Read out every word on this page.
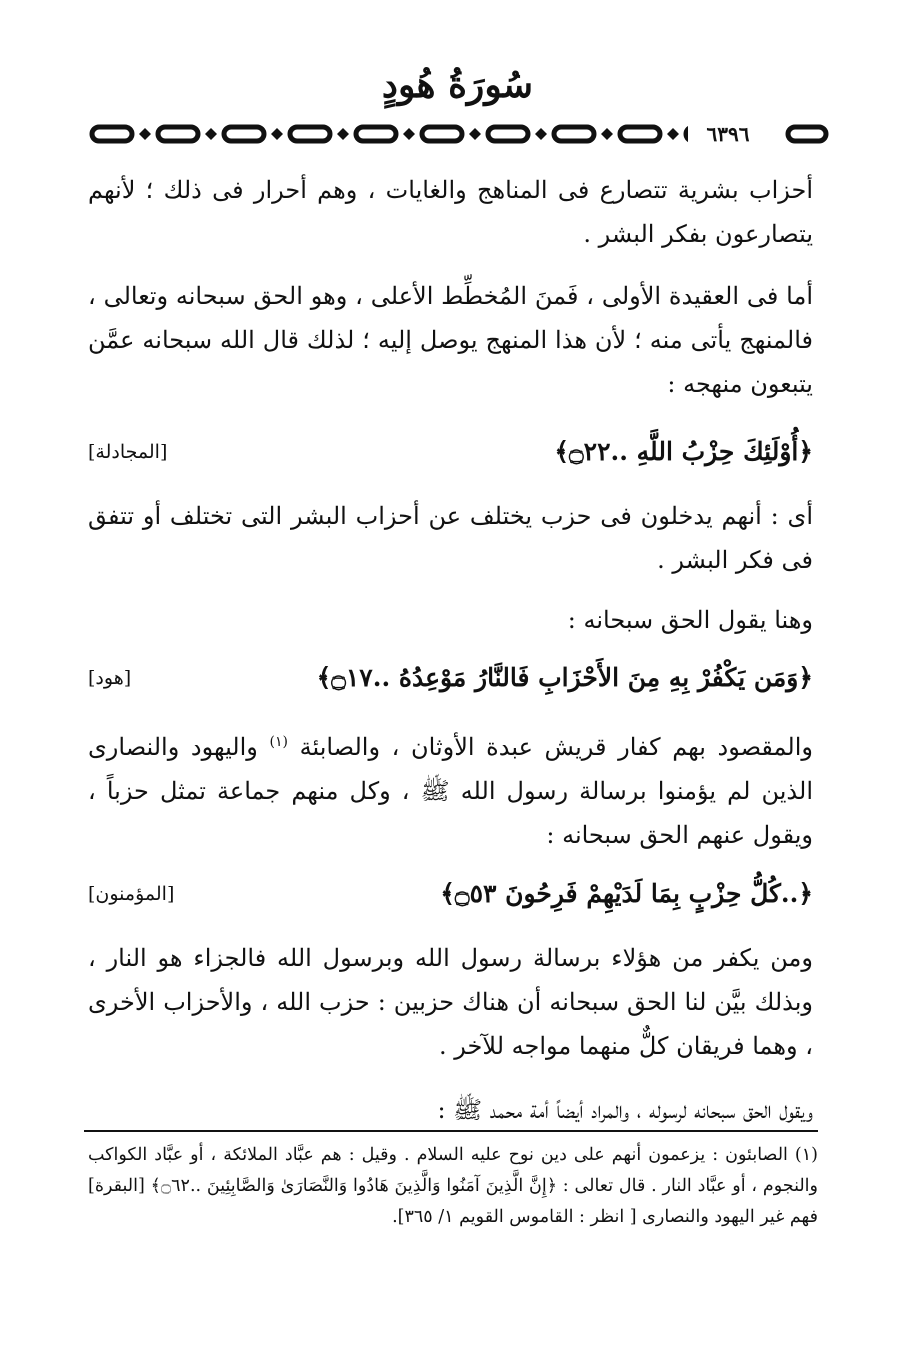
سُورَةُ هُودٍ
٦٣٩٦
أحزاب بشرية تتصارع فى المناهج والغايات ، وهم أحرار فى ذلك ؛ لأنهم يتصارعون بفكر البشر .
أما فى العقيدة الأولى ، فَمنَ المُخطِّط الأعلى ، وهو الحق سبحانه وتعالى ، فالمنهج يأتى منه ؛ لأن هذا المنهج يوصل إليه ؛ لذلك قال الله سبحانه عمَّن يتبعون منهجه :
﴿أُوْلَئِكَ حِزْبُ اللَّهِ ..۝٢٢﴾
[المجادلة]
أى : أنهم يدخلون فى حزب يختلف عن أحزاب البشر التى تختلف أو تتفق فى فكر البشر .
وهنا يقول الحق سبحانه :
﴿وَمَن يَكْفُرْ بِهِ مِنَ الأَحْزَابِ فَالنَّارُ مَوْعِدُهُ ..۝١٧﴾
[هود]
والمقصود بهم كفار قريش عبدة الأوثان ، والصابئة $^{(١)}$ واليهود والنصارى الذين لم يؤمنوا برسالة رسول الله ﷺ ، وكل منهم جماعة تمثل حزباً ، ويقول عنهم الحق سبحانه :
﴿..كُلُّ حِزْبٍ بِمَا لَدَيْهِمْ فَرِحُونَ ۝٥٣﴾
[المؤمنون]
ومن يكفر من هؤلاء برسالة رسول الله وبرسول الله فالجزاء هو النار ، وبذلك بيَّن لنا الحق سبحانه أن هناك حزبين : حزب الله ، والأحزاب الأخرى ، وهما فريقان كلٌّ منهما مواجه للآخر .
ويقول الحق سبحانه لرسوله ، والمراد أيضاً أمة محمد ﷺ :
(١) الصابئون : يزعمون أنهم على دين نوح عليه السلام . وقيل : هم عبَّاد الملائكة ، أو عبَّاد الكواكب والنجوم ، أو عبَّاد النار . قال تعالى : ﴿إِنَّ الَّذِينَ آمَنُوا وَالَّذِينَ هَادُوا وَالنَّصَارَىٰ وَالصَّابِئِينَ ..۝٦٢﴾ [البقرة] فهم غير اليهود والنصارى [ انظر : القاموس القويم ١/ ٣٦٥].
